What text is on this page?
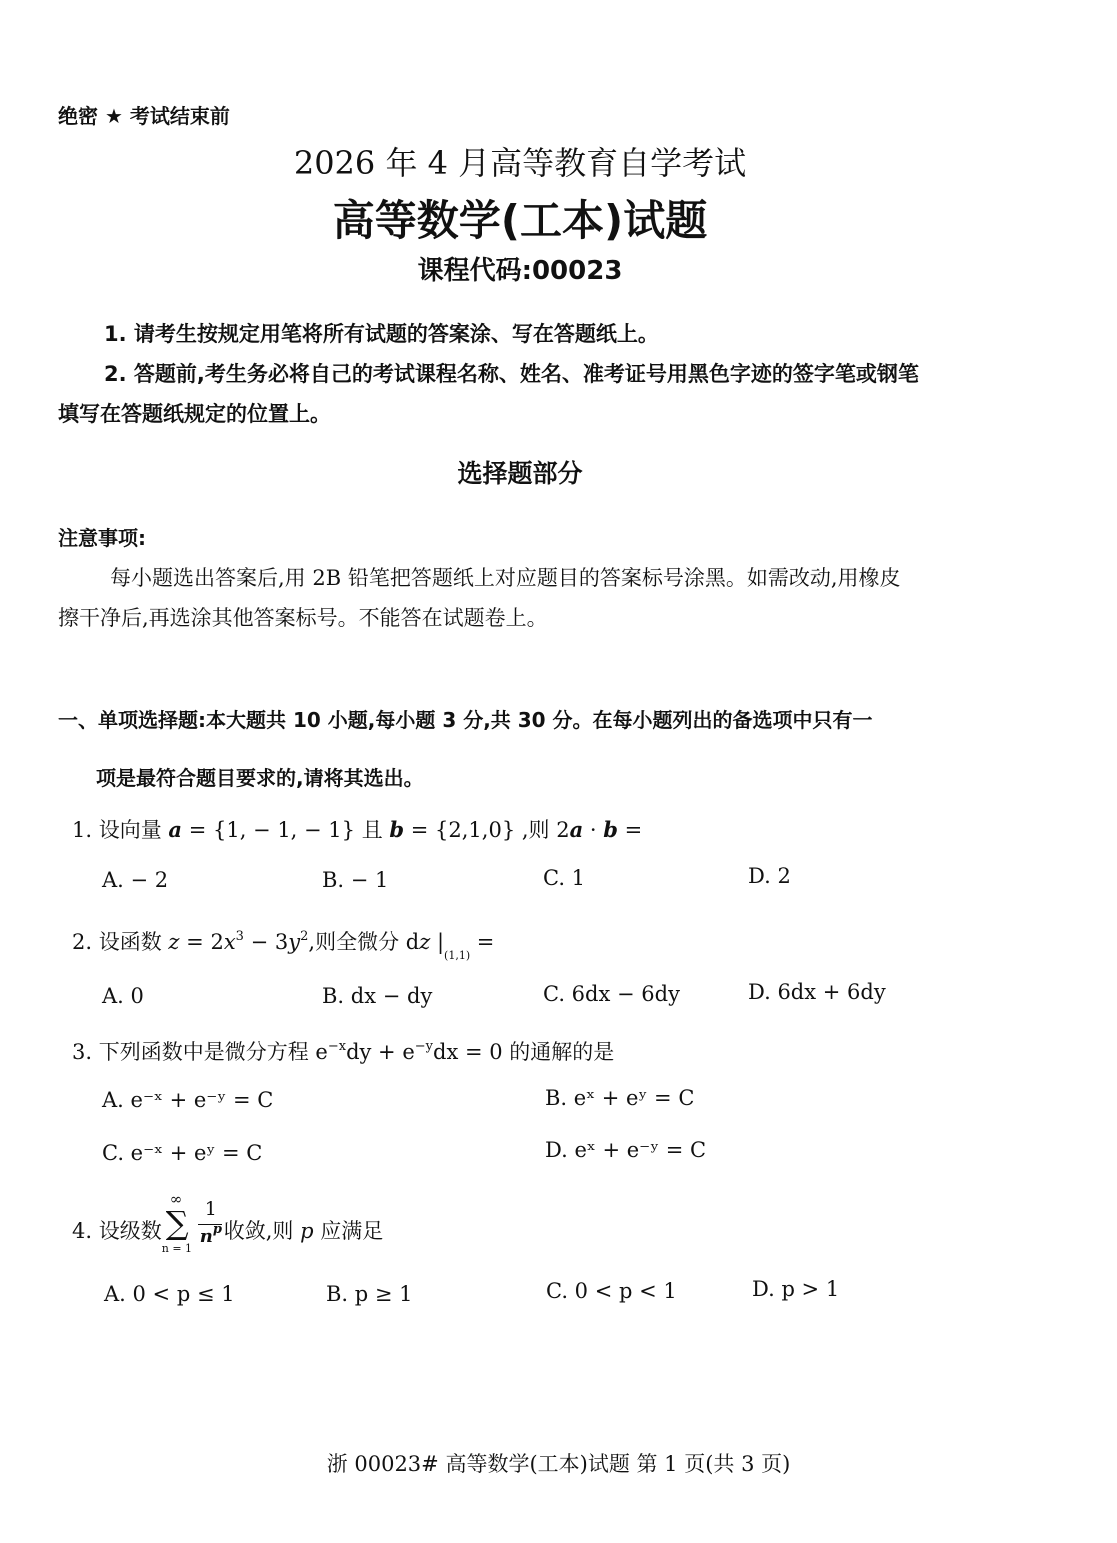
绝密 ★ 考试结束前
2026 年 4 月高等教育自学考试
高等数学(工本)试题
课程代码:00023
1. 请考生按规定用笔将所有试题的答案涂、写在答题纸上。
2. 答题前,考生务必将自己的考试课程名称、姓名、准考证号用黑色字迹的签字笔或钢笔
填写在答题纸规定的位置上。
选择题部分
注意事项:
每小题选出答案后,用 2B 铅笔把答题纸上对应题目的答案标号涂黑。如需改动,用橡皮
擦干净后,再选涂其他答案标号。不能答在试题卷上。
一、单项选择题:本大题共 10 小题,每小题 3 分,共 30 分。在每小题列出的备选项中只有一
项是最符合题目要求的,请将其选出。
1. 设向量 a = {1, − 1, − 1} 且 b = {2,1,0} ,则 2a · b =
A. − 2	B. − 1	C. 1	D. 2
2. 设函数 $z = 2x^3 - 3y^2$,则全微分 dz $|_{(1,1)}$ =
A. 0	B. dx − dy	C. 6dx − 6dy	D. 6dx + 6dy
3. 下列函数中是微分方程 $e^{-x}dy + e^{-y}dx = 0$ 的通解的是
A. e⁻ˣ + e⁻ʸ = C	B. eˣ + eʸ = C
C. e⁻ˣ + eʸ = C	D. eˣ + e⁻ʸ = C
4. 设级数
∞
∑
n = 1
$\frac{1}{n^p}$ 收敛,则 p 应满足
A. 0 < p ≤ 1	B. p ≥ 1	C. 0 < p < 1	D. p > 1
浙 00023# 高等数学(工本)试题 第 1 页(共 3 页)
